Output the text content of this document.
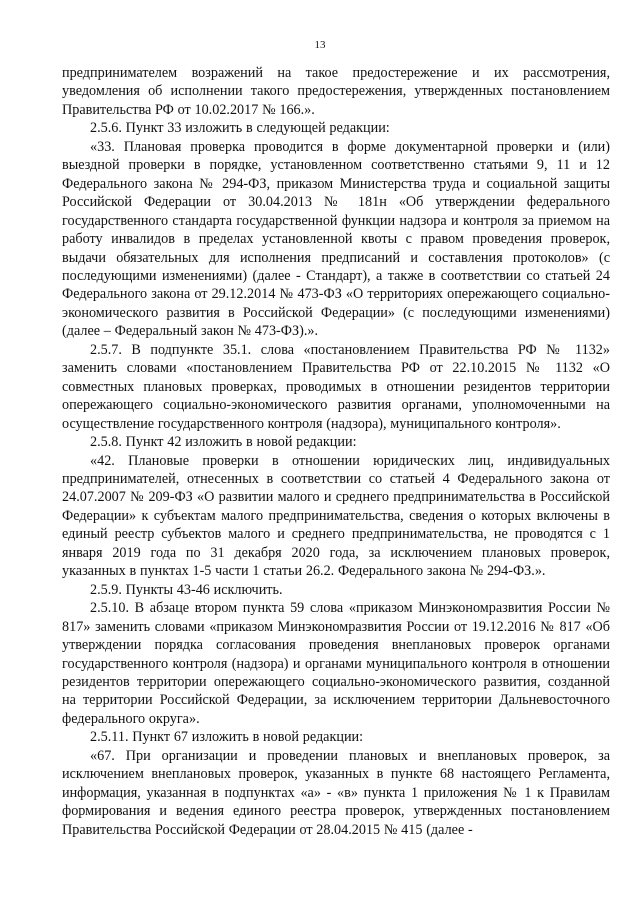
13

предпринимателем возражений на такое предостережение и их рассмотрения, уведомления об исполнении такого предостережения, утвержденных постановлением Правительства РФ от 10.02.2017 № 166.».

2.5.6. Пункт 33 изложить в следующей редакции:

«33. Плановая проверка проводится в форме документарной проверки и (или) выездной проверки в порядке, установленном соответственно статьями 9, 11 и 12 Федерального закона № 294-ФЗ, приказом Министерства труда и социальной защиты Российской Федерации от 30.04.2013 № 181н «Об утверждении федерального государственного стандарта государственной функции надзора и контроля за приемом на работу инвалидов в пределах установленной квоты с правом проведения проверок, выдачи обязательных для исполнения предписаний и составления протоколов» (с последующими изменениями) (далее - Стандарт), а также в соответствии со статьей 24 Федерального закона от 29.12.2014 № 473-ФЗ «О территориях опережающего социально-экономического развития в Российской Федерации» (с последующими изменениями) (далее – Федеральный закон № 473-ФЗ).».

2.5.7. В подпункте 35.1. слова «постановлением Правительства РФ № 1132» заменить словами «постановлением Правительства РФ от 22.10.2015 № 1132 «О совместных плановых проверках, проводимых в отношении резидентов территории опережающего социально-экономического развития органами, уполномоченными на осуществление государственного контроля (надзора), муниципального контроля».

2.5.8. Пункт 42 изложить в новой редакции:

«42. Плановые проверки в отношении юридических лиц, индивидуальных предпринимателей, отнесенных в соответствии со статьей 4 Федерального закона от 24.07.2007 № 209-ФЗ «О развитии малого и среднего предпринимательства в Российской Федерации» к субъектам малого предпринимательства, сведения о которых включены в единый реестр субъектов малого и среднего предпринимательства, не проводятся с 1 января 2019 года по 31 декабря 2020 года, за исключением плановых проверок, указанных в пунктах 1-5 части 1 статьи 26.2. Федерального закона № 294-ФЗ.».

2.5.9. Пункты 43-46 исключить.

2.5.10. В абзаце втором пункта 59 слова «приказом Минэкономразвития России № 817» заменить словами «приказом Минэкономразвития России от 19.12.2016 № 817 «Об утверждении порядка согласования проведения внеплановых проверок органами государственного контроля (надзора) и органами муниципального контроля в отношении резидентов территории опережающего социально-экономического развития, созданной на территории Российской Федерации, за исключением территории Дальневосточного федерального округа».

2.5.11. Пункт 67 изложить в новой редакции:

«67. При организации и проведении плановых и внеплановых проверок, за исключением внеплановых проверок, указанных в пункте 68 настоящего Регламента, информация, указанная в подпунктах «а» - «в» пункта 1 приложения № 1 к Правилам формирования и ведения единого реестра проверок, утвержденных постановлением Правительства Российской Федерации от 28.04.2015 № 415 (далее -
